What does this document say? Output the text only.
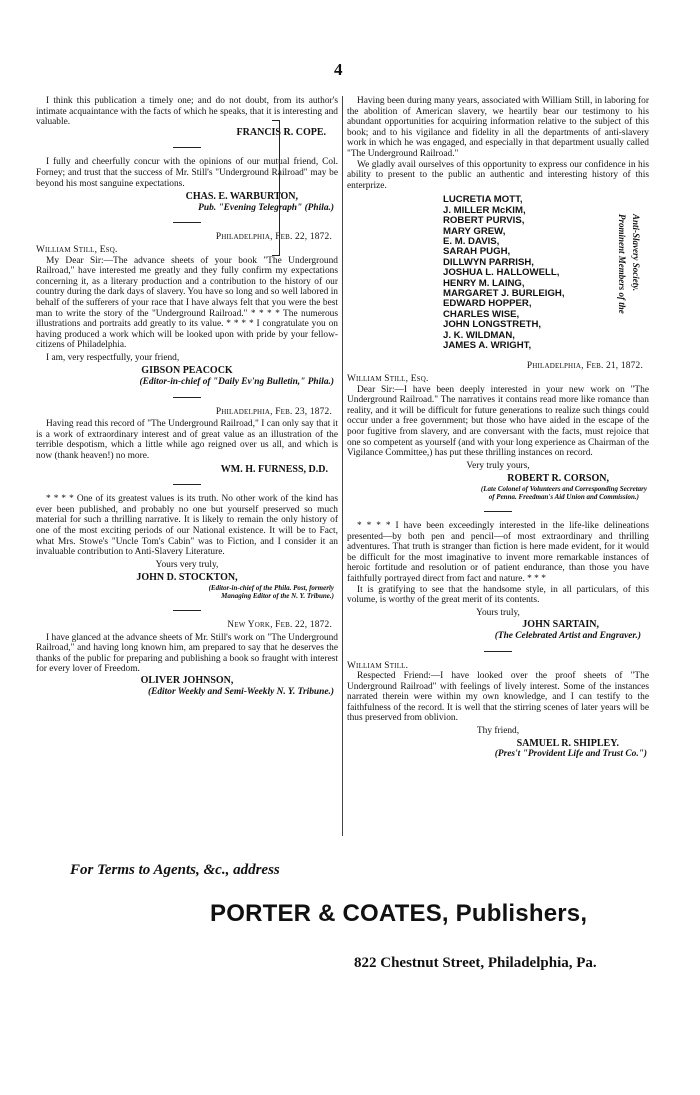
4

I think this publication a timely one; and do not doubt, from its author's intimate acquaintance with the facts of which he speaks, that it is interesting and valuable.

FRANCIS R. COPE.

I fully and cheerfully concur with the opinions of our mutual friend, Col. Forney; and trust that the success of Mr. Still's "Underground Railroad" may be beyond his most sanguine expectations.

CHAS. E. WARBURTON,

Pub. "Evening Telegraph" (Phila.)

Philadelphia, Feb. 22, 1872.

William Still, Esq.

My Dear Sir:—The advance sheets of your book "The Underground Railroad," have interested me greatly and they fully confirm my expectations concerning it, as a literary production and a contribution to the history of our country during the dark days of slavery. You have so long and so well labored in behalf of the sufferers of your race that I have always felt that you were the best man to write the story of the "Underground Railroad." * * * * The numerous illustrations and portraits add greatly to its value. * * * * I congratulate you on having produced a work which will be looked upon with pride by your fellow-citizens of Philadelphia.

I am, very respectfully, your friend,

GIBSON PEACOCK

(Editor-in-chief of "Daily Ev'ng Bulletin," Phila.)

Philadelphia, Feb. 23, 1872.

Having read this record of "The Underground Railroad," I can only say that it is a work of extraordinary interest and of great value as an illustration of the terrible despotism, which a little while ago reigned over us all, and which is now (thank heaven!) no more.

WM. H. FURNESS, D.D.

* * * * One of its greatest values is its truth. No other work of the kind has ever been published, and probably no one but yourself preserved so much material for such a thrilling narrative. It is likely to remain the only history of one of the most exciting periods of our National existence. It will be to Fact, what Mrs. Stowe's "Uncle Tom's Cabin" was to Fiction, and I consider it an invaluable contribution to Anti-Slavery Literature.

Yours very truly,

JOHN D. STOCKTON,

(Editor-in-chief of the Phila. Post, formerly

Managing Editor of the N. Y. Tribune.)

New York, Feb. 22, 1872.

I have glanced at the advance sheets of Mr. Still's work on "The Underground Railroad," and having long known him, am prepared to say that he deserves the thanks of the public for preparing and publishing a book so fraught with interest for every lover of Freedom.

OLIVER JOHNSON,

(Editor Weekly and Semi-Weekly N. Y. Tribune.)

Having been during many years, associated with William Still, in laboring for the abolition of American slavery, we heartily bear our testimony to his abundant opportunities for acquiring information relative to the subject of this book; and to his vigilance and fidelity in all the departments of anti-slavery work in which he was engaged, and especially in that department usually called "The Underground Railroad."

We gladly avail ourselves of this opportunity to express our confidence in his ability to present to the public an authentic and interesting history of this enterprize.

LUCRETIA MOTT,
J. MILLER McKIM,
ROBERT PURVIS,
MARY GREW,
E. M. DAVIS,
SARAH PUGH,
DILLWYN PARRISH,
JOSHUA L. HALLOWELL,
HENRY M. LAING,
MARGARET J. BURLEIGH,
EDWARD HOPPER,
CHARLES WISE,
JOHN LONGSTRETH,
J. K. WILDMAN,
JAMES A. WRIGHT,

Philadelphia, Feb. 21, 1872.

William Still, Esq.

Dear Sir:—I have been deeply interested in your new work on "The Underground Railroad." The narratives it contains read more like romance than reality, and it will be difficult for future generations to realize such things could occur under a free government; but those who have aided in the escape of the poor fugitive from slavery, and are conversant with the facts, must rejoice that one so competent as yourself (and with your long experience as Chairman of the Vigilance Committee,) has put these thrilling instances on record.

Very truly yours,

ROBERT R. CORSON,

(Late Colonel of Volunteers and Corresponding Secretary

of Penna. Freedman's Aid Union and Commission.)

* * * * I have been exceedingly interested in the life-like delineations presented—by both pen and pencil—of most extraordinary and thrilling adventures. That truth is stranger than fiction is here made evident, for it would be difficult for the most imaginative to invent more remarkable instances of heroic fortitude and resolution or of patient endurance, than those you have faithfully portrayed direct from fact and nature. * * *

It is gratifying to see that the handsome style, in all particulars, of this volume, is worthy of the great merit of its contents.

Yours truly,

JOHN SARTAIN,

(The Celebrated Artist and Engraver.)

William Still.

Respected Friend:—I have looked over the proof sheets of "The Underground Railroad" with feelings of lively interest. Some of the instances narrated therein were within my own knowledge, and I can testify to the faithfulness of the record. It is well that the stirring scenes of later years will be thus preserved from oblivion.

Thy friend,

SAMUEL R. SHIPLEY.

(Pres't "Provident Life and Trust Co.")

Prominent Members of the Anti-Slavery Society.
For Terms to Agents, &c., address
PORTER & COATES, Publishers,
822 Chestnut Street, Philadelphia, Pa.
